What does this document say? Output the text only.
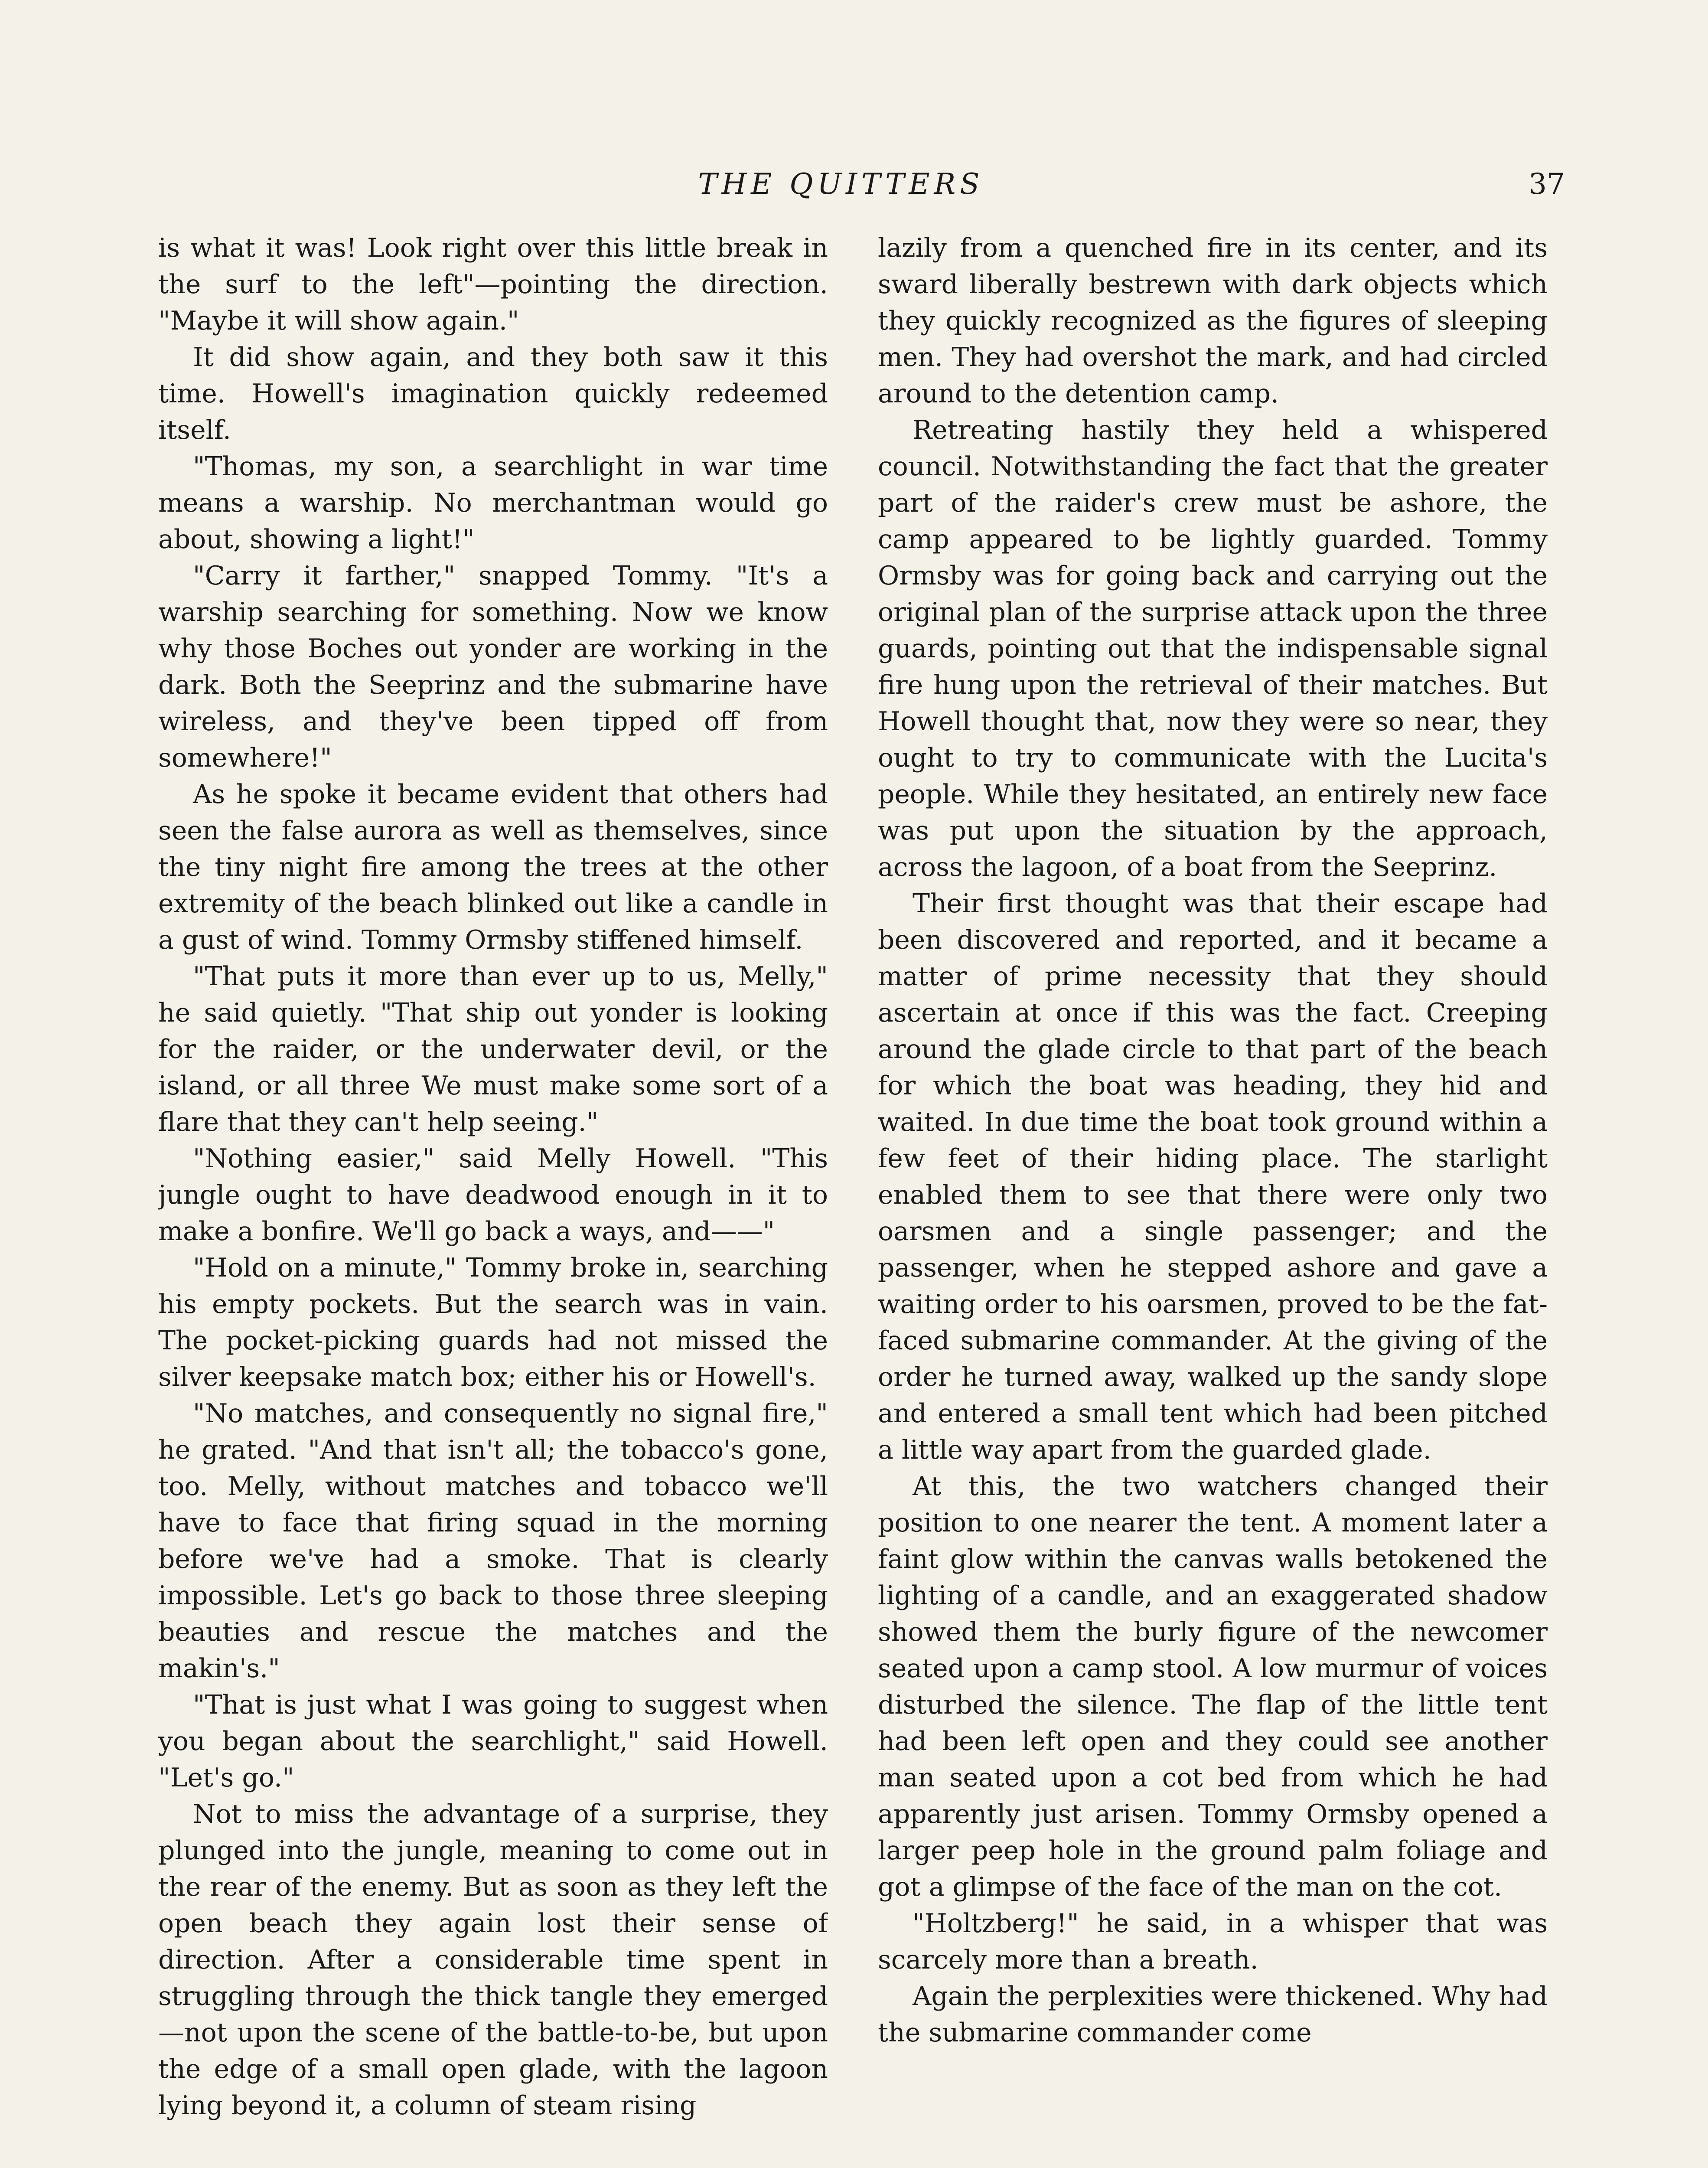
THE QUITTERS	37

is what it was! Look right over this little break in the surf to the left"—pointing the direction. "Maybe it will show again."

It did show again, and they both saw it this time. Howell's imagination quickly redeemed itself.

"Thomas, my son, a searchlight in war time means a warship. No merchantman would go about, showing a light!"

"Carry it farther," snapped Tommy. "It's a warship searching for something. Now we know why those Boches out yonder are working in the dark. Both the Seeprinz and the submarine have wireless, and they've been tipped off from somewhere!"

As he spoke it became evident that others had seen the false aurora as well as themselves, since the tiny night fire among the trees at the other extremity of the beach blinked out like a candle in a gust of wind. Tommy Ormsby stiffened himself.

"That puts it more than ever up to us, Melly," he said quietly. "That ship out yonder is looking for the raider, or the underwater devil, or the island, or all three We must make some sort of a flare that they can't help seeing."

"Nothing easier," said Melly Howell. "This jungle ought to have deadwood enough in it to make a bonfire. We'll go back a ways, and——"

"Hold on a minute," Tommy broke in, searching his empty pockets. But the search was in vain. The pocket-picking guards had not missed the silver keepsake match box; either his or Howell's.

"No matches, and consequently no signal fire," he grated. "And that isn't all; the tobacco's gone, too. Melly, without matches and tobacco we'll have to face that firing squad in the morning before we've had a smoke. That is clearly impossible. Let's go back to those three sleeping beauties and rescue the matches and the makin's."

"That is just what I was going to suggest when you began about the searchlight," said Howell. "Let's go."

Not to miss the advantage of a surprise, they plunged into the jungle, meaning to come out in the rear of the enemy. But as soon as they left the open beach they again lost their sense of direction. After a considerable time spent in struggling through the thick tangle they emerged—not upon the scene of the battle-to-be, but upon the edge of a small open glade, with the lagoon lying beyond it, a column of steam rising

lazily from a quenched fire in its center, and its sward liberally bestrewn with dark objects which they quickly recognized as the figures of sleeping men. They had overshot the mark, and had circled around to the detention camp.

Retreating hastily they held a whispered council. Notwithstanding the fact that the greater part of the raider's crew must be ashore, the camp appeared to be lightly guarded. Tommy Ormsby was for going back and carrying out the original plan of the surprise attack upon the three guards, pointing out that the indispensable signal fire hung upon the retrieval of their matches. But Howell thought that, now they were so near, they ought to try to communicate with the Lucita's people. While they hesitated, an entirely new face was put upon the situation by the approach, across the lagoon, of a boat from the Seeprinz.

Their first thought was that their escape had been discovered and reported, and it became a matter of prime necessity that they should ascertain at once if this was the fact. Creeping around the glade circle to that part of the beach for which the boat was heading, they hid and waited. In due time the boat took ground within a few feet of their hiding place. The starlight enabled them to see that there were only two oarsmen and a single passenger; and the passenger, when he stepped ashore and gave a waiting order to his oarsmen, proved to be the fat-faced submarine commander. At the giving of the order he turned away, walked up the sandy slope and entered a small tent which had been pitched a little way apart from the guarded glade.

At this, the two watchers changed their position to one nearer the tent. A moment later a faint glow within the canvas walls betokened the lighting of a candle, and an exaggerated shadow showed them the burly figure of the newcomer seated upon a camp stool. A low murmur of voices disturbed the silence. The flap of the little tent had been left open and they could see another man seated upon a cot bed from which he had apparently just arisen. Tommy Ormsby opened a larger peep hole in the ground palm foliage and got a glimpse of the face of the man on the cot.

"Holtzberg!" he said, in a whisper that was scarcely more than a breath.

Again the perplexities were thickened. Why had the submarine commander come
